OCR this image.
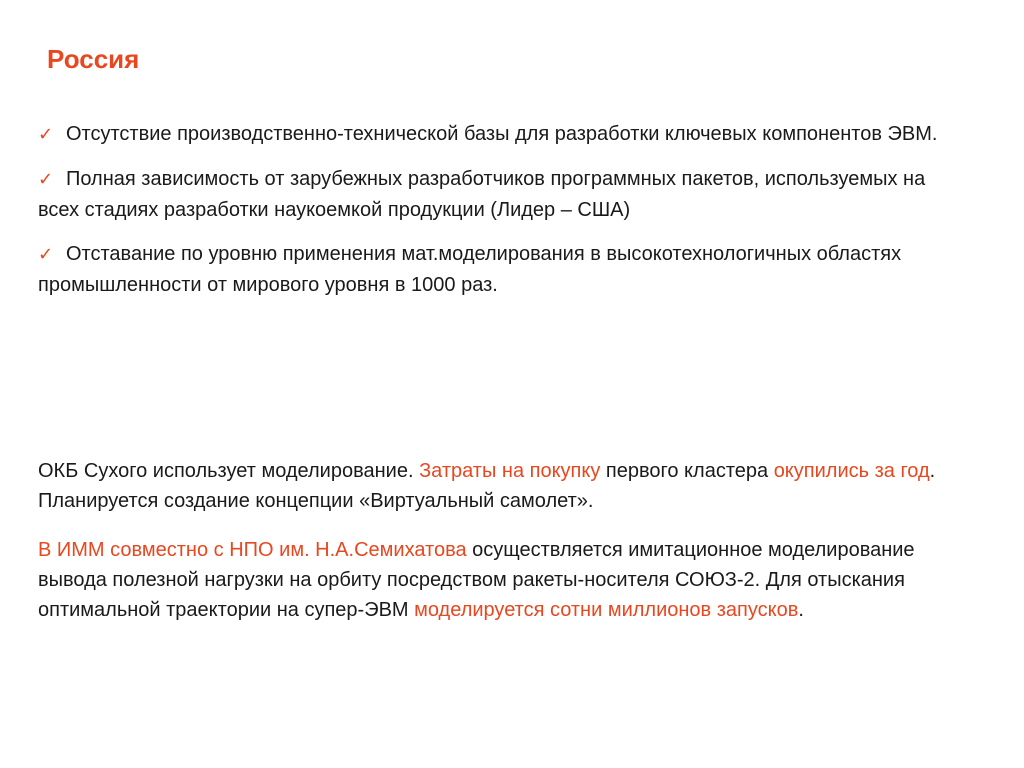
Россия
✓ Отсутствие производственно-технической базы для разработки ключевых компонентов ЭВМ.
✓ Полная зависимость от зарубежных разработчиков программных пакетов, используемых на всех стадиях разработки наукоемкой продукции (Лидер – США)
✓ Отставание по уровню применения мат.моделирования в высокотехнологичных областях промышленности от мирового уровня в 1000 раз.

ОКБ Сухого использует моделирование. Затраты на покупку первого кластера окупились за год. Планируется создание концепции «Виртуальный самолет».

В ИММ совместно с НПО им. Н.А.Семихатова осуществляется имитационное моделирование вывода полезной нагрузки на орбиту посредством ракеты-носителя СОЮЗ-2. Для отыскания оптимальной траектории на супер-ЭВМ моделируется сотни миллионов запусков.
